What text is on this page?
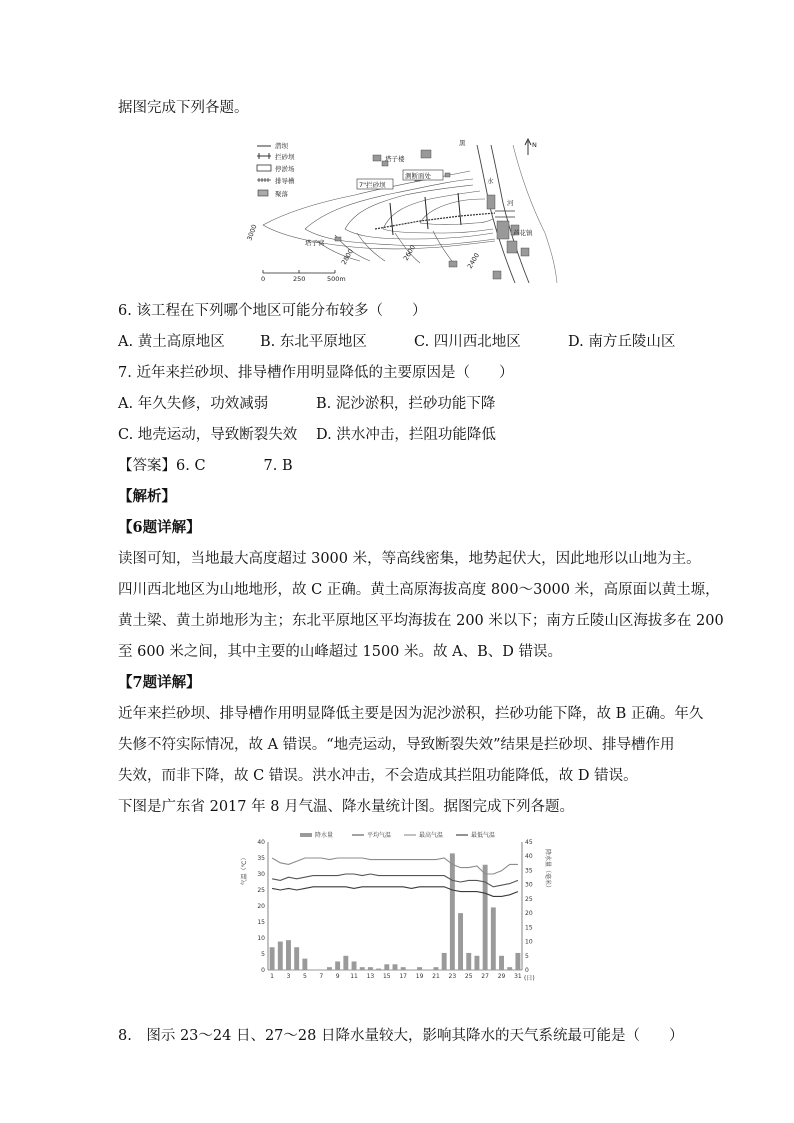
据图完成下列各题。
潜坝
拦砂坝
停淤场
排导槽
聚落
塔子楼
测断面处
7"拦砂坝
塔子窝
芦花镇
黑
水
河
N
3000
2800	2600	2400
0	250	500m
6. 该工程在下列哪个地区可能分布较多（　　）
A. 黄土高原地区 B. 东北平原地区	C. 四川西北地区	D. 南方丘陵山区
7. 近年来拦砂坝、排导槽作用明显降低的主要原因是（　　）
A. 年久失修，功效减弱	B. 泥沙淤积，拦砂功能下降
C. 地壳运动，导致断裂失效 D. 洪水冲击，拦阻功能降低
【答案】6. C　　　　7. B
【解析】
【6题详解】
读图可知，当地最大高度超过 3000 米，等高线密集，地势起伏大，因此地形以山地为主。
四川西北地区为山地地形，故 C 正确。黄土高原海拔高度 800～3000 米，高原面以黄土塬，
黄土梁、黄土峁地形为主；东北平原地区平均海拔在 200 米以下；南方丘陵山区海拔多在 200
至 600 米之间，其中主要的山峰超过 1500 米。故 A、B、D 错误。
【7题详解】
近年来拦砂坝、排导槽作用明显降低主要是因为泥沙淤积，拦砂功能下降，故 B 正确。年久
失修不符实际情况，故 A 错误。“地壳运动，导致断裂失效”结果是拦砂坝、排导槽作用
失效，而非下降，故 C 错误。洪水冲击，不会造成其拦阻功能降低，故 D 错误。
下图是广东省 2017 年 8 月气温、降水量统计图。据图完成下列各题。
降水量	平均气温	最高气温	最低气温
0
5
10
15
20
25
30
35
40
0
5
10
15
20
25
30
35
40
45
1 3 5 7 9 11 13 15 17 19 21 23 25 27 29 31
气温（℃）	降水量（毫米）
(日)
8.　图示 23～24 日、27～28 日降水量较大，影响其降水的天气系统最可能是（　　）
